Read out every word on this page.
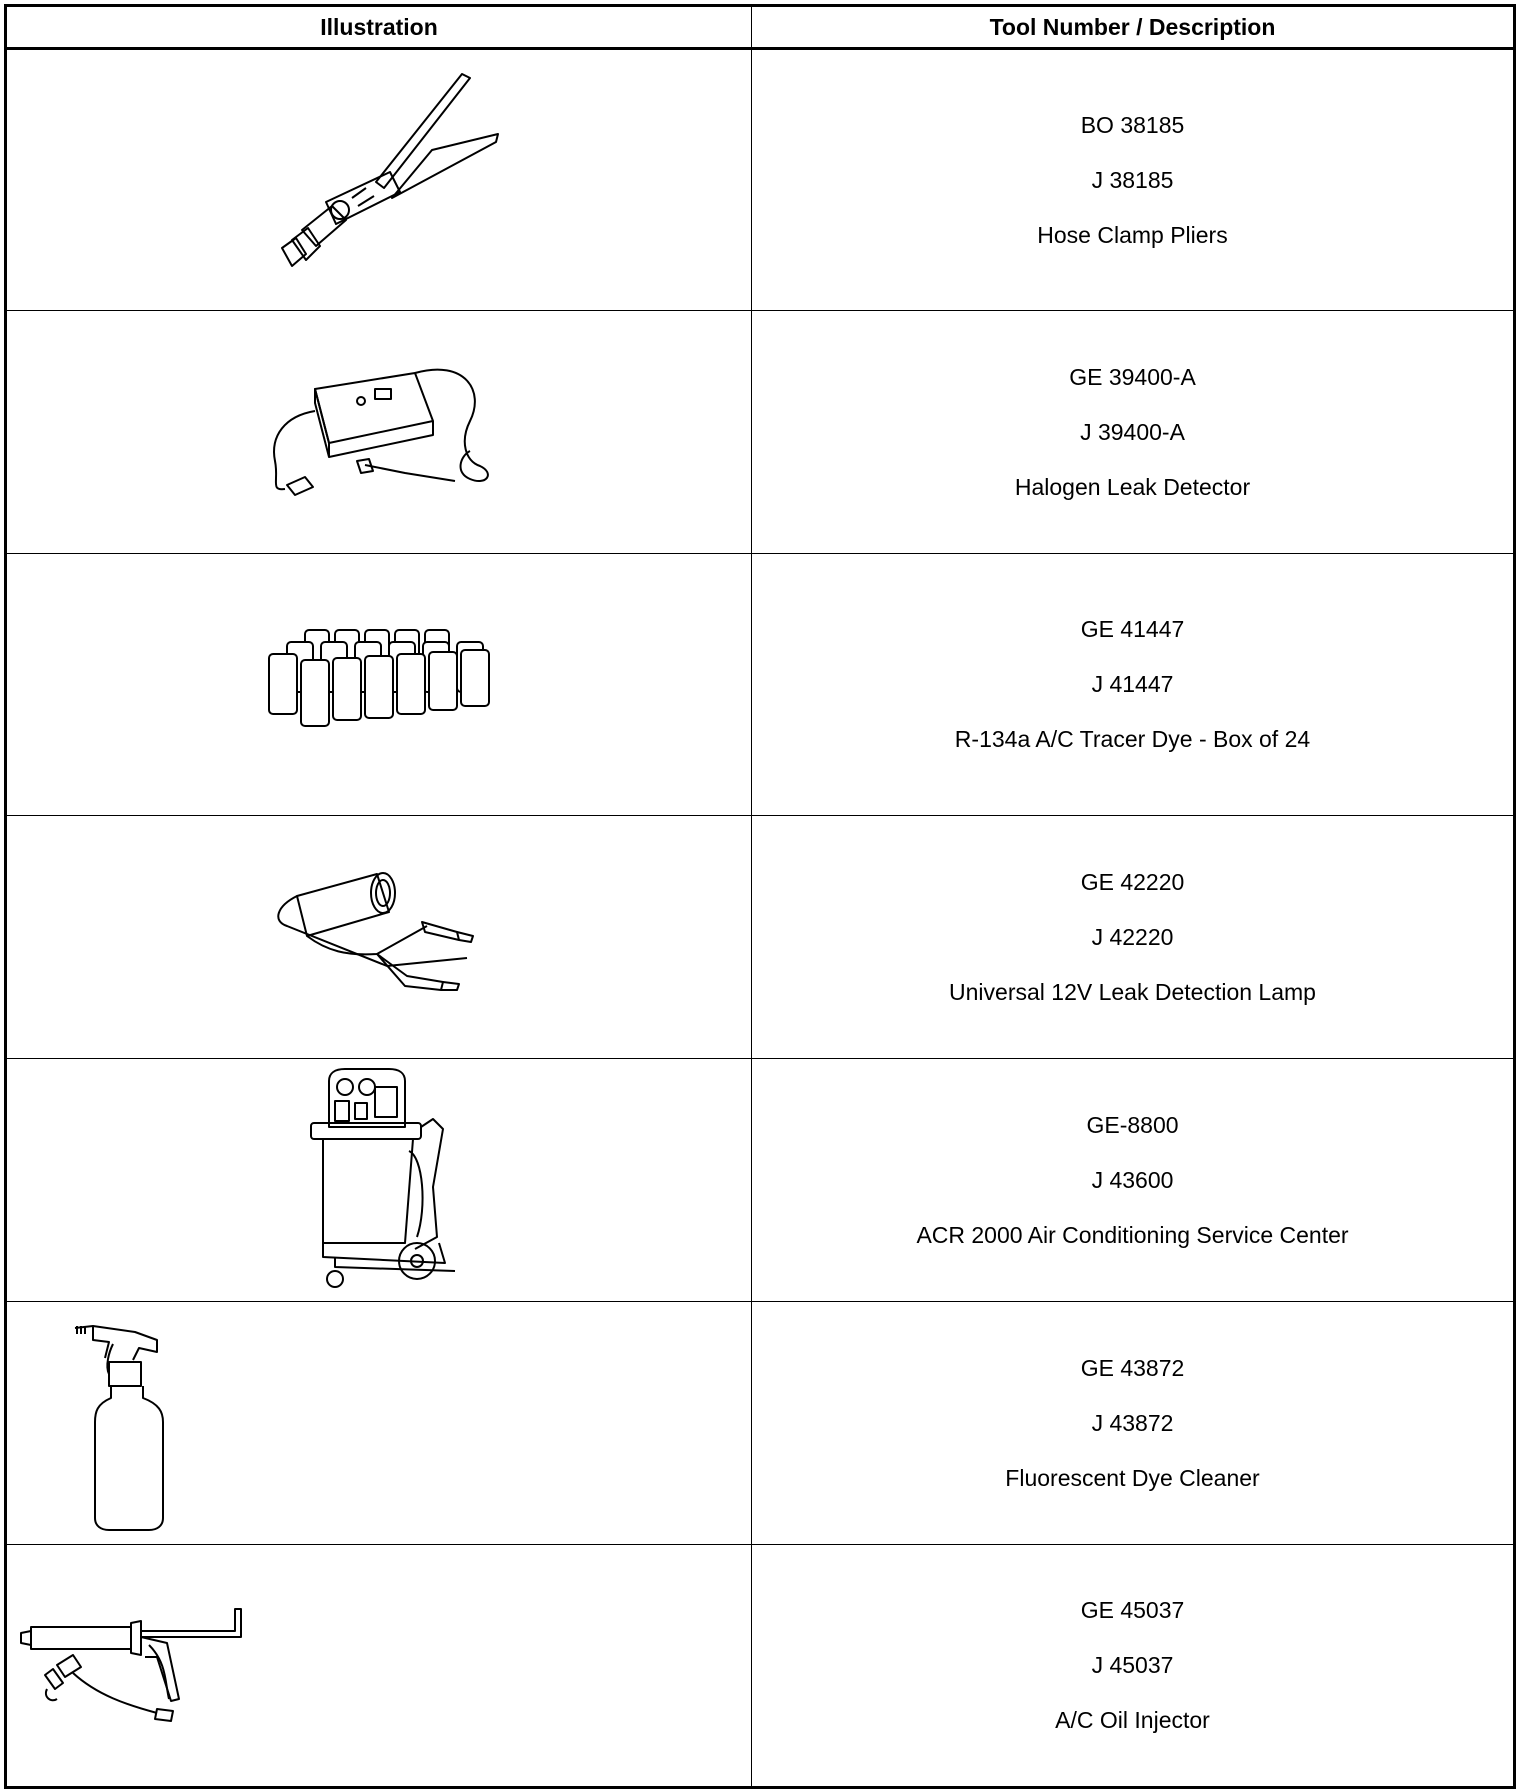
Illustration	Tool Number / Description

BO 38185
J 38185
Hose Clamp Pliers

GE 39400-A
J 39400-A
Halogen Leak Detector

GE 41447
J 41447
R-134a A/C Tracer Dye - Box of 24

GE 42220
J 42220
Universal 12V Leak Detection Lamp

GE-8800
J 43600
ACR 2000 Air Conditioning Service Center

GE 43872
J 43872
Fluorescent Dye Cleaner

GE 45037
J 45037
A/C Oil Injector
